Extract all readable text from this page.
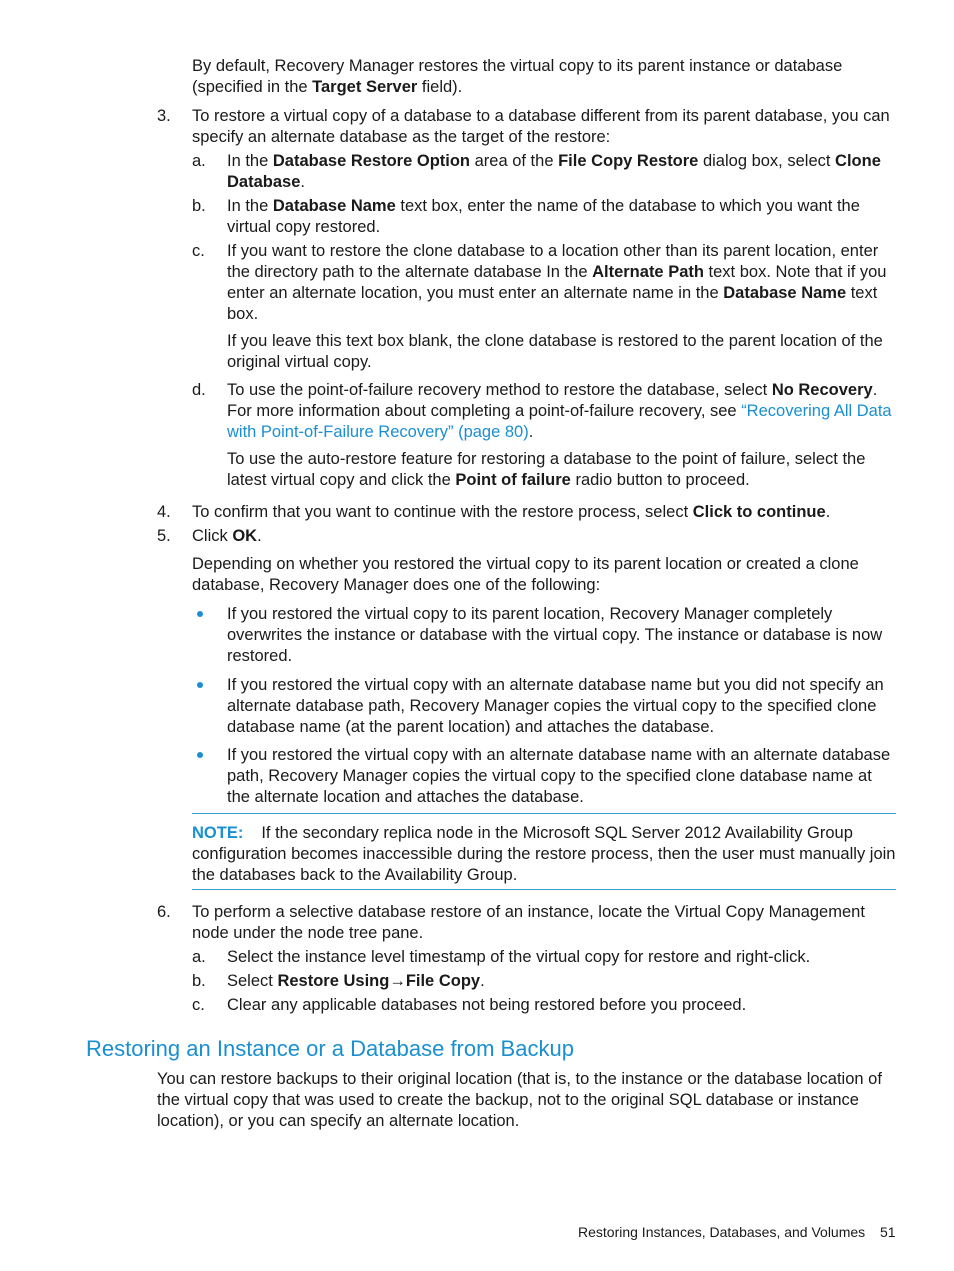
By default, Recovery Manager restores the virtual copy to its parent instance or database (specified in the Target Server field).

3.	To restore a virtual copy of a database to a database different from its parent database, you can specify an alternate database as the target of the restore:

a.	In the Database Restore Option area of the File Copy Restore dialog box, select Clone Database.

b.	In the Database Name text box, enter the name of the database to which you want the virtual copy restored.

c.	If you want to restore the clone database to a location other than its parent location, enter the directory path to the alternate database In the Alternate Path text box. Note that if you enter an alternate location, you must enter an alternate name in the Database Name text box.

If you leave this text box blank, the clone database is restored to the parent location of the original virtual copy.

d.	To use the point-of-failure recovery method to restore the database, select No Recovery. For more information about completing a point-of-failure recovery, see “Recovering All Data with Point-of-Failure Recovery” (page 80).

To use the auto-restore feature for restoring a database to the point of failure, select the latest virtual copy and click the Point of failure radio button to proceed.

4.	To confirm that you want to continue with the restore process, select Click to continue.

5.	Click OK.

Depending on whether you restored the virtual copy to its parent location or created a clone database, Recovery Manager does one of the following:

If you restored the virtual copy to its parent location, Recovery Manager completely overwrites the instance or database with the virtual copy. The instance or database is now restored.

If you restored the virtual copy with an alternate database name but you did not specify an alternate database path, Recovery Manager copies the virtual copy to the specified clone database name (at the parent location) and attaches the database.

If you restored the virtual copy with an alternate database name with an alternate database path, Recovery Manager copies the virtual copy to the specified clone database name at the alternate location and attaches the database.

NOTE: If the secondary replica node in the Microsoft SQL Server 2012 Availability Group configuration becomes inaccessible during the restore process, then the user must manually join the databases back to the Availability Group.

6.	To perform a selective database restore of an instance, locate the Virtual Copy Management node under the node tree pane.

a.	Select the instance level timestamp of the virtual copy for restore and right-click.

b.	Select Restore Using→File Copy.

c.	Clear any applicable databases not being restored before you proceed.

Restoring an Instance or a Database from Backup

You can restore backups to their original location (that is, to the instance or the database location of the virtual copy that was used to create the backup, not to the original SQL database or instance location), or you can specify an alternate location.

Restoring Instances, Databases, and Volumes 51
